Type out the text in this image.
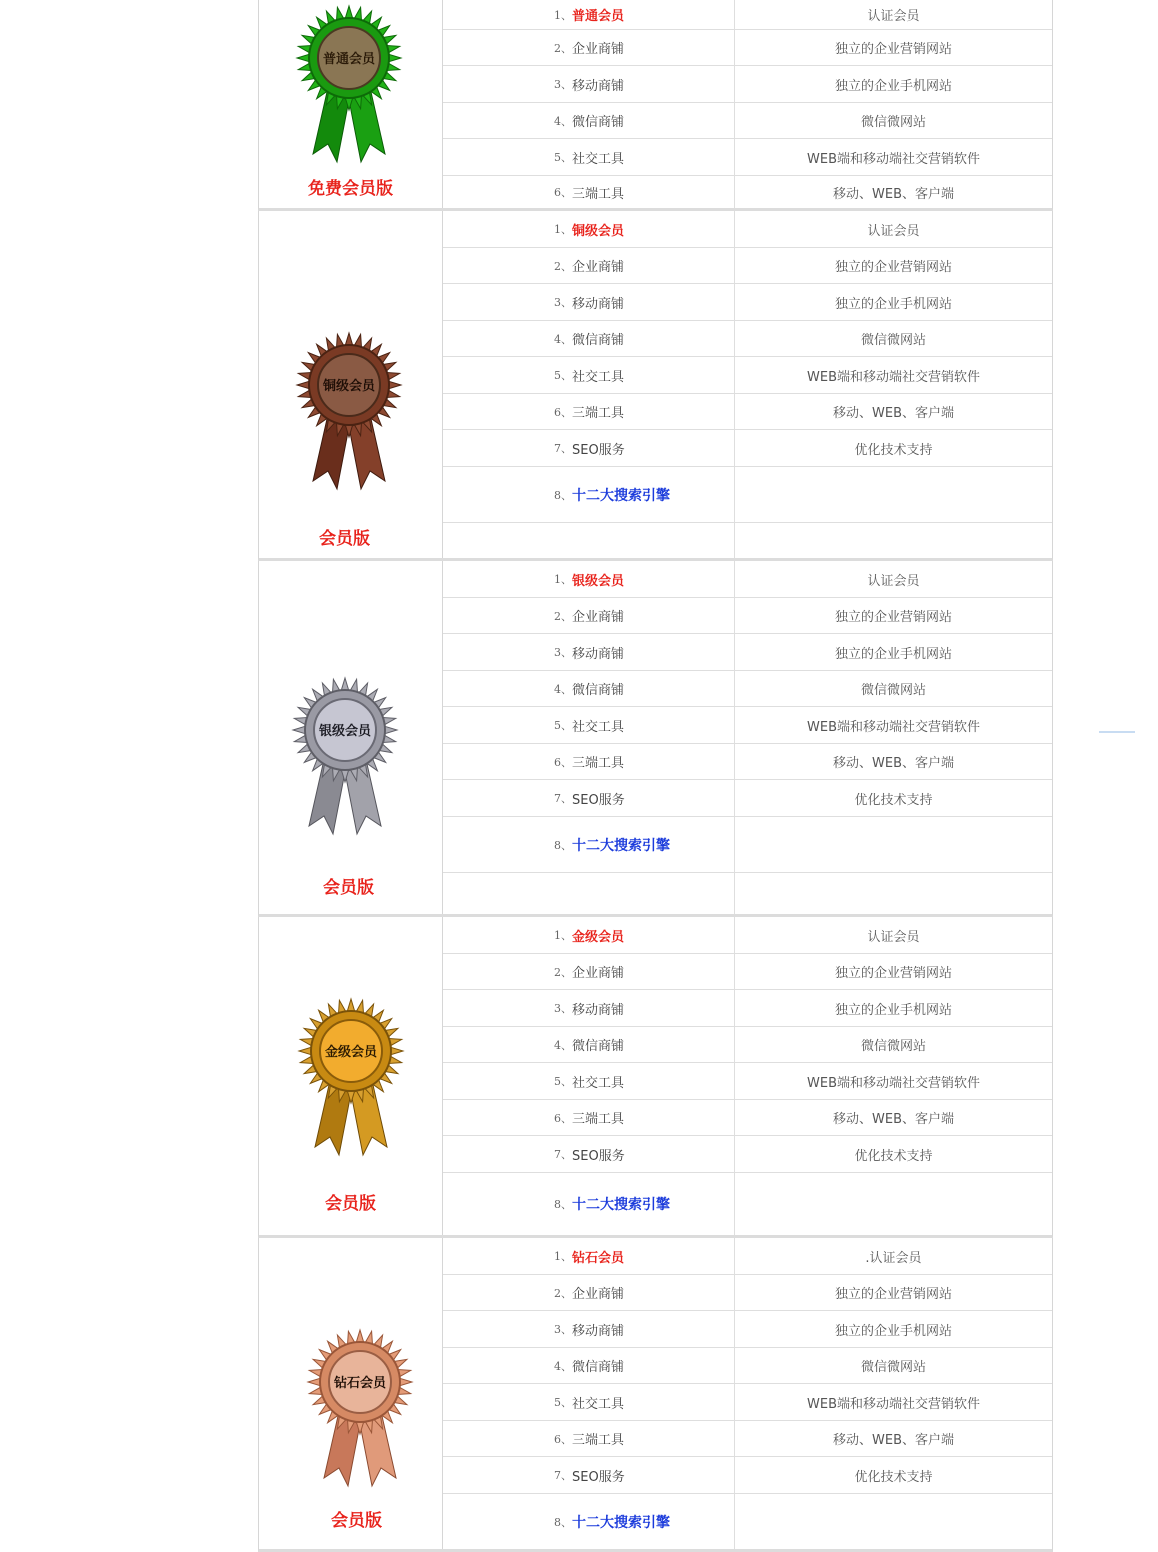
普通会员
免费会员版
1、 普通会员	认证会员
2、 企业商铺	独立的企业营销网站
3、 移动商铺	独立的企业手机网站
4、 微信商铺	微信微网站
5、 社交工具	WEB端和移动端社交营销软件
6、 三端工具	移动、WEB、客户端
铜级会员
会员版
1、 铜级会员	认证会员
2、 企业商铺	独立的企业营销网站
3、 移动商铺	独立的企业手机网站
4、 微信商铺	微信微网站
5、 社交工具	WEB端和移动端社交营销软件
6、 三端工具	移动、WEB、客户端
7、 SEO服务	优化技术支持
8、 十二大搜索引擎
银级会员
会员版
1、 银级会员	认证会员
2、 企业商铺	独立的企业营销网站
3、 移动商铺	独立的企业手机网站
4、 微信商铺	微信微网站
5、 社交工具	WEB端和移动端社交营销软件
6、 三端工具	移动、WEB、客户端
7、 SEO服务	优化技术支持
8、 十二大搜索引擎
金级会员
会员版
1、 金级会员	认证会员
2、 企业商铺	独立的企业营销网站
3、 移动商铺	独立的企业手机网站
4、 微信商铺	微信微网站
5、 社交工具	WEB端和移动端社交营销软件
6、 三端工具	移动、WEB、客户端
7、 SEO服务	优化技术支持
8、 十二大搜索引擎
钻石会员
会员版
1、 钻石会员	.认证会员
2、 企业商铺	独立的企业营销网站
3、 移动商铺	独立的企业手机网站
4、 微信商铺	微信微网站
5、 社交工具	WEB端和移动端社交营销软件
6、 三端工具	移动、WEB、客户端
7、 SEO服务	优化技术支持
8、 十二大搜索引擎
